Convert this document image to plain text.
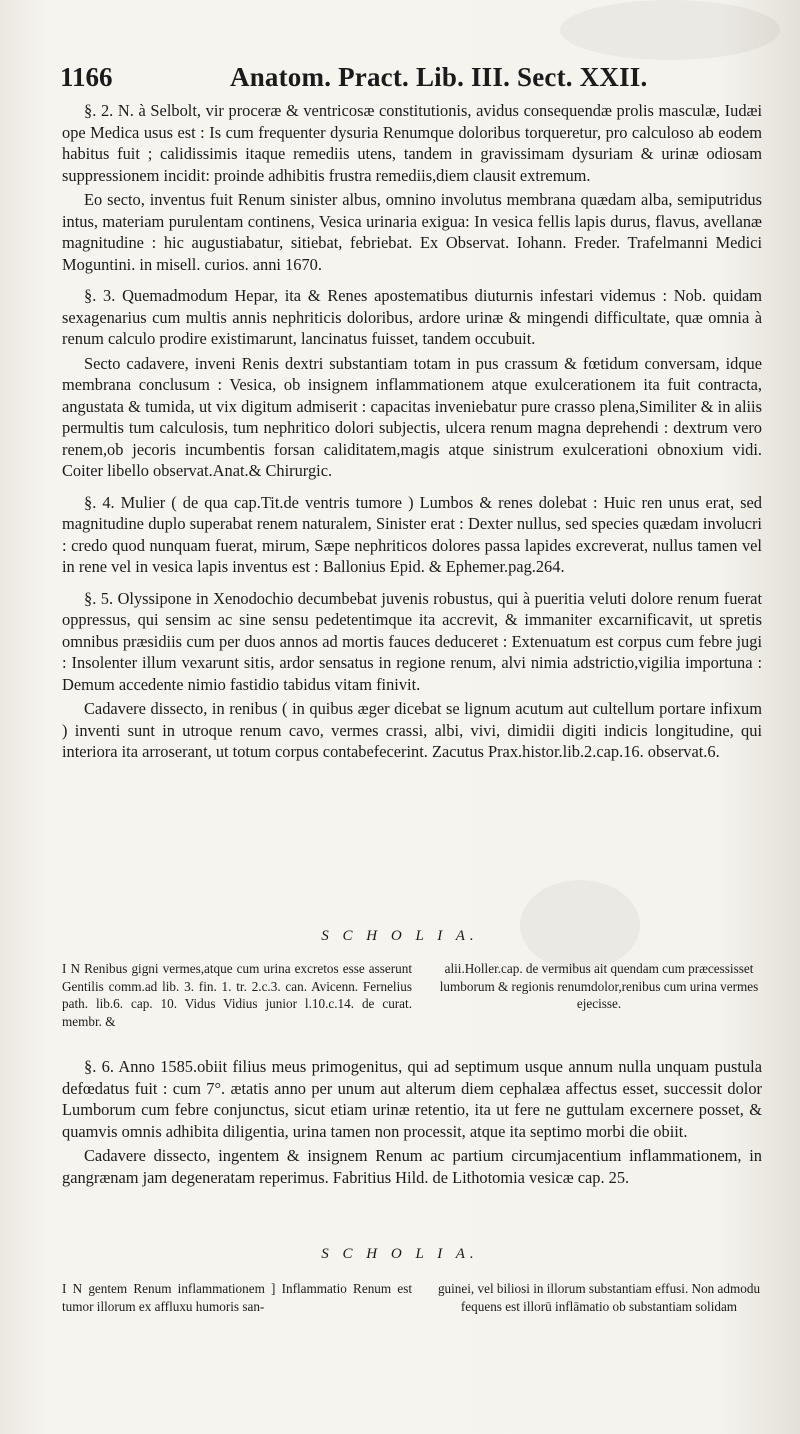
1166	Anatom. Pract. Lib. III. Sect. XXII.

§. 2. N. à Selbolt, vir proceræ & ventricosæ constitutionis, avidus consequendæ prolis masculæ, Iudæi ope Medica usus est : Is cum frequenter dysuria Renumque doloribus torqueretur, pro calculoso ab eodem habitus fuit ; calidissimis itaque remediis utens, tandem in gravissimam dysuriam & urinæ odiosam suppressionem incidit: proinde adhibitis frustra remediis,diem clausit extremum.

Eo secto, inventus fuit Renum sinister albus, omnino involutus membrana quædam alba, semiputridus intus, materiam purulentam continens, Vesica urinaria exigua: In vesica fellis lapis durus, flavus, avellanæ magnitudine : hic augustiabatur, sitiebat, febriebat. Ex Observat. Iohann. Freder. Trafelmanni Medici Moguntini. in misell. curios. anni 1670.

§. 3. Quemadmodum Hepar, ita & Renes apostematibus diuturnis infestari videmus : Nob. quidam sexagenarius cum multis annis nephriticis doloribus, ardore urinæ & mingendi difficultate, quæ omnia à renum calculo prodire existimarunt, lancinatus fuisset, tandem occubuit.

Secto cadavere, inveni Renis dextri substantiam totam in pus crassum & fœtidum conversam, idque membrana conclusum : Vesica, ob insignem inflammationem atque exulcerationem ita fuit contracta, angustata & tumida, ut vix digitum admiserit : capacitas inveniebatur pure crasso plena,Similiter & in aliis permultis tum calculosis, tum nephritico dolori subjectis, ulcera renum magna deprehendi : dextrum vero renem,ob jecoris incumbentis forsan caliditatem,magis atque sinistrum exulcerationi obnoxium vidi. Coiter libello observat.Anat.& Chirurgic.

§. 4. Mulier ( de qua cap.Tit.de ventris tumore ) Lumbos & renes dolebat : Huic ren unus erat, sed magnitudine duplo superabat renem naturalem, Sinister erat : Dexter nullus, sed species quædam involucri : credo quod nunquam fuerat, mirum, Sæpe nephriticos dolores passa lapides excreverat, nullus tamen vel in rene vel in vesica lapis inventus est : Ballonius Epid. & Ephemer.pag.264.

§. 5. Olyssipone in Xenodochio decumbebat juvenis robustus, qui à pueritia veluti dolore renum fuerat oppressus, qui sensim ac sine sensu pedetentimque ita accrevit, & immaniter excarnificavit, ut spretis omnibus præsidiis cum per duos annos ad mortis fauces deduceret : Extenuatum est corpus cum febre jugi : Insolenter illum vexarunt sitis, ardor sensatus in regione renum, alvi nimia adstrictio,vigilia importuna : Demum accedente nimio fastidio tabidus vitam finivit.

Cadavere dissecto, in renibus ( in quibus æger dicebat se lignum acutum aut cultellum portare infixum ) inventi sunt in utroque renum cavo, vermes crassi, albi, vivi, dimidii digiti indicis longitudine, qui interiora ita arroserant, ut totum corpus contabefecerint. Zacutus Prax.histor.lib.2.cap.16. observat.6.

S C H O L I A.
I N Renibus gigni vermes,atque cum urina excretos esse asserunt Gentilis comm.ad lib. 3. fin. 1. tr. 2.c.3. can. Avicenn. Fernelius path. lib.6. cap. 10. Vidus Vidius junior l.10.c.14. de curat. membr. &
alii.Holler.cap. de vermibus ait quendam cum præcessisset lumborum & regionis renumdolor,renibus cum urina vermes ejecisse.

§. 6. Anno 1585.obiit filius meus primogenitus, qui ad septimum usque annum nulla unquam pustula defœdatus fuit : cum 7°. ætatis anno per unum aut alterum diem cephalæa affectus esset, successit dolor Lumborum cum febre conjunctus, sicut etiam urinæ retentio, ita ut fere ne guttulam excernere posset, & quamvis omnis adhibita diligentia, urina tamen non processit, atque ita septimo morbi die obiit.

Cadavere dissecto, ingentem & insignem Renum ac partium circumjacentium inflammationem, in gangrænam jam degeneratam reperimus. Fabritius Hild. de Lithotomia vesicæ cap. 25.

S C H O L I A.
I N gentem Renum inflammationem ] Inflammatio Renum est tumor illorum ex affluxu humoris san-
guinei, vel biliosi in illorum substantiam effusi. Non admodu fequens est illorū inflāmatio ob substantiam solidam
